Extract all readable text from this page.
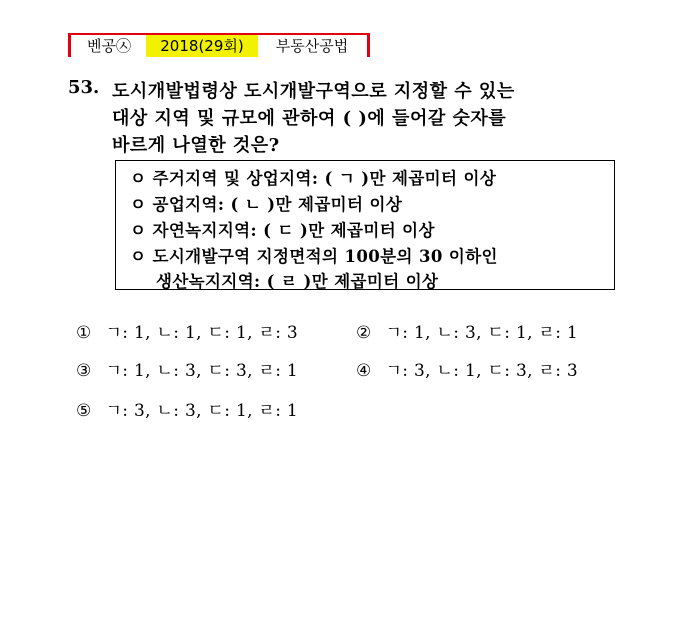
벤공㉦	2018(29회)	부동산공법
53. 도시개발법령상 도시개발구역으로 지정할 수 있는
대상 지역 및 규모에 관하여 ( )에 들어갈 숫자를
바르게 나열한 것은?
ㅇ 주거지역 및 상업지역: ( ㄱ )만 제곱미터 이상
ㅇ 공업지역: ( ㄴ )만 제곱미터 이상
ㅇ 자연녹지지역: ( ㄷ )만 제곱미터 이상
ㅇ 도시개발구역 지정면적의 100분의 30 이하인
생산녹지지역: ( ㄹ )만 제곱미터 이상
① ㄱ: 1, ㄴ: 1, ㄷ: 1, ㄹ: 3	② ㄱ: 1, ㄴ: 3, ㄷ: 1, ㄹ: 1
③ ㄱ: 1, ㄴ: 3, ㄷ: 3, ㄹ: 1	④ ㄱ: 3, ㄴ: 1, ㄷ: 3, ㄹ: 3
⑤ ㄱ: 3, ㄴ: 3, ㄷ: 1, ㄹ: 1
